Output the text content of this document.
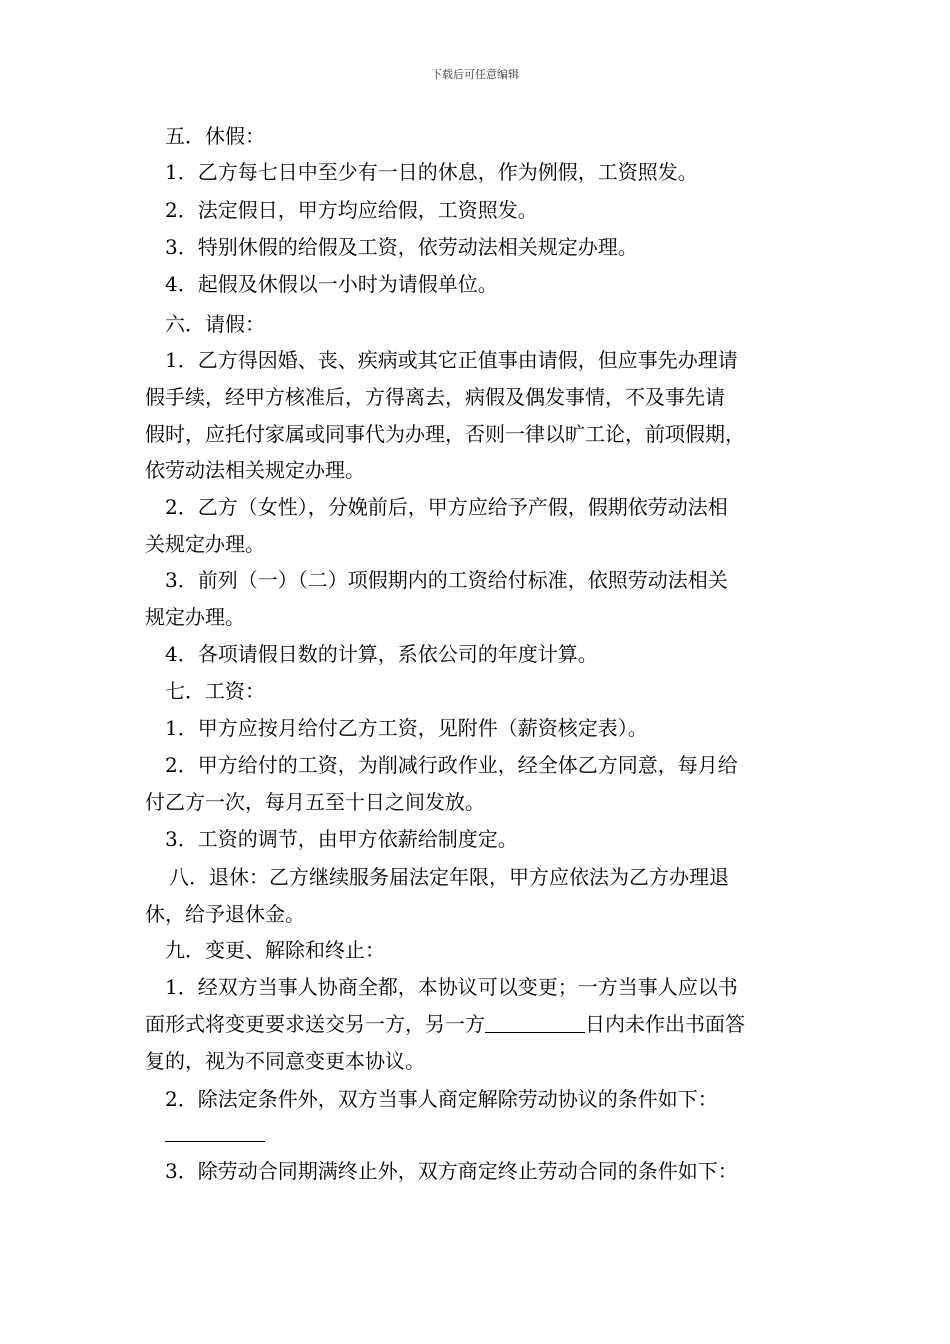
下载后可任意编辑
五．休假：
1．乙方每七日中至少有一日的休息，作为例假，工资照发。
2．法定假日，甲方均应给假，工资照发。
3．特别休假的给假及工资，依劳动法相关规定办理。
4．起假及休假以一小时为请假单位。
六．请假：
1．乙方得因婚、丧、疾病或其它正值事由请假，但应事先办理请
假手续，经甲方核准后，方得离去，病假及偶发事情，不及事先请
假时，应托付家属或同事代为办理，否则一律以旷工论，前项假期，
依劳动法相关规定办理。
2．乙方（女性），分娩前后，甲方应给予产假，假期依劳动法相
关规定办理。
3．前列（一）（二）项假期内的工资给付标准，依照劳动法相关
规定办理。
4．各项请假日数的计算，系依公司的年度计算。
七．工资：
1．甲方应按月给付乙方工资，见附件（薪资核定表）。
2．甲方给付的工资，为削减行政作业，经全体乙方同意，每月给
付乙方一次，每月五至十日之间发放。
3．工资的调节，由甲方依薪给制度定。
八．退休：乙方继续服务届法定年限，甲方应依法为乙方办理退
休，给予退休金。
九．变更、解除和终止：
1．经双方当事人协商全都，本协议可以变更；一方当事人应以书
面形式将变更要求送交另一方，另一方	日内未作出书面答
复的，视为不同意变更本协议。
2．除法定条件外，双方当事人商定解除劳动协议的条件如下：
3．除劳动合同期满终止外，双方商定终止劳动合同的条件如下：
